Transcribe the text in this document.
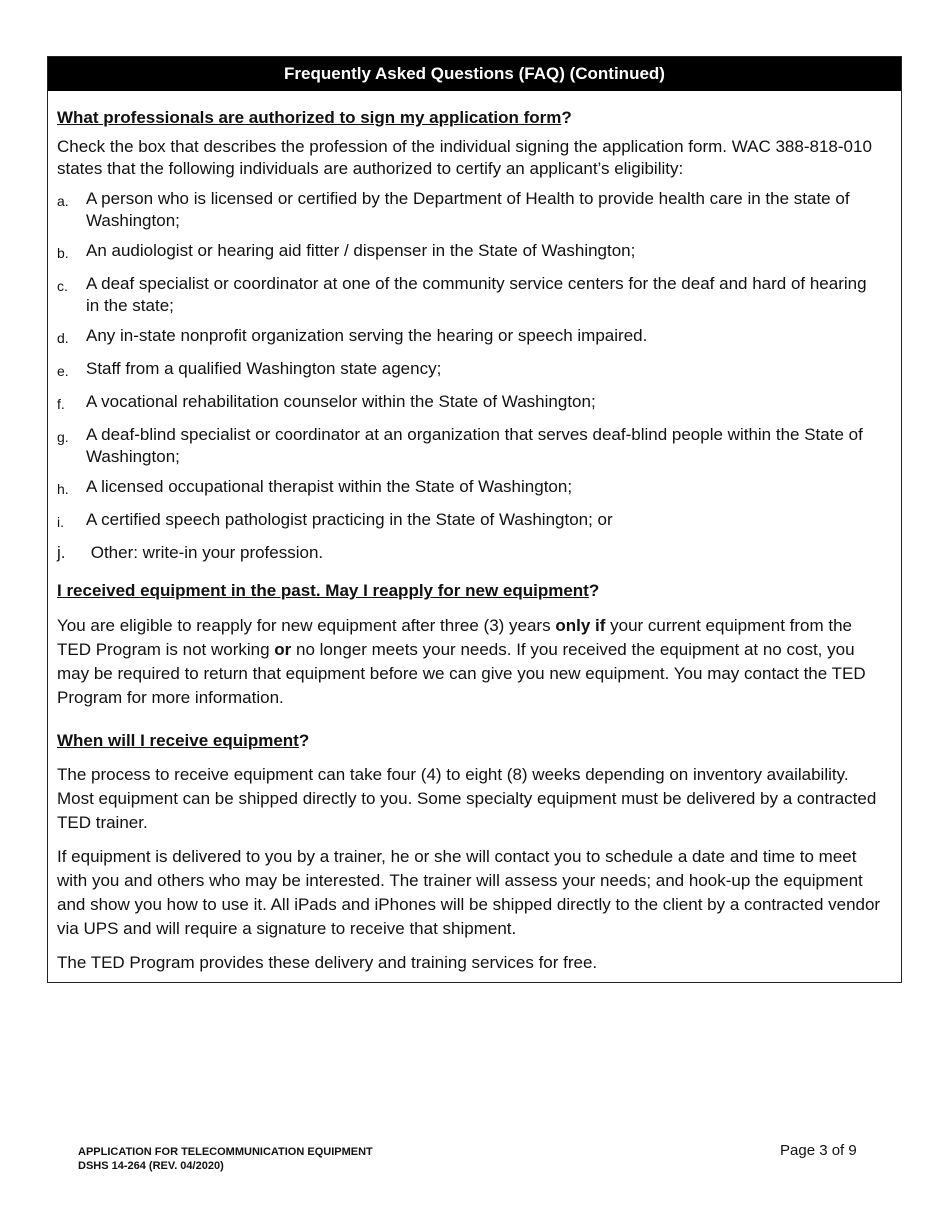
Frequently Asked Questions (FAQ) (Continued)
What professionals are authorized to sign my application form?

Check the box that describes the profession of the individual signing the application form. WAC 388-818-010 states that the following individuals are authorized to certify an applicant’s eligibility:

a.	A person who is licensed or certified by the Department of Health to provide health care in the state of Washington;
b.	An audiologist or hearing aid fitter / dispenser in the State of Washington;
c.	A deaf specialist or coordinator at one of the community service centers for the deaf and hard of hearing in the state;
d.	Any in-state nonprofit organization serving the hearing or speech impaired.
e.	Staff from a qualified Washington state agency;
f.	A vocational rehabilitation counselor within the State of Washington;
g.	A deaf-blind specialist or coordinator at an organization that serves deaf-blind people within the State of Washington;
h.	A licensed occupational therapist within the State of Washington;
i.	A certified speech pathologist practicing in the State of Washington; or
j.	Other: write-in your profession.
I received equipment in the past. May I reapply for new equipment?

You are eligible to reapply for new equipment after three (3) years only if your current equipment from the TED Program is not working or no longer meets your needs. If you received the equipment at no cost, you may be required to return that equipment before we can give you new equipment. You may contact the TED Program for more information.

When will I receive equipment?

The process to receive equipment can take four (4) to eight (8) weeks depending on inventory availability. Most equipment can be shipped directly to you. Some specialty equipment must be delivered by a contracted TED trainer.

If equipment is delivered to you by a trainer, he or she will contact you to schedule a date and time to meet with you and others who may be interested. The trainer will assess your needs; and hook-up the equipment and show you how to use it. All iPads and iPhones will be shipped directly to the client by a contracted vendor via UPS and will require a signature to receive that shipment.

The TED Program provides these delivery and training services for free.

APPLICATION FOR TELECOMMUNICATION EQUIPMENT
DSHS 14-264 (REV. 04/2020)
Page 3 of 9
